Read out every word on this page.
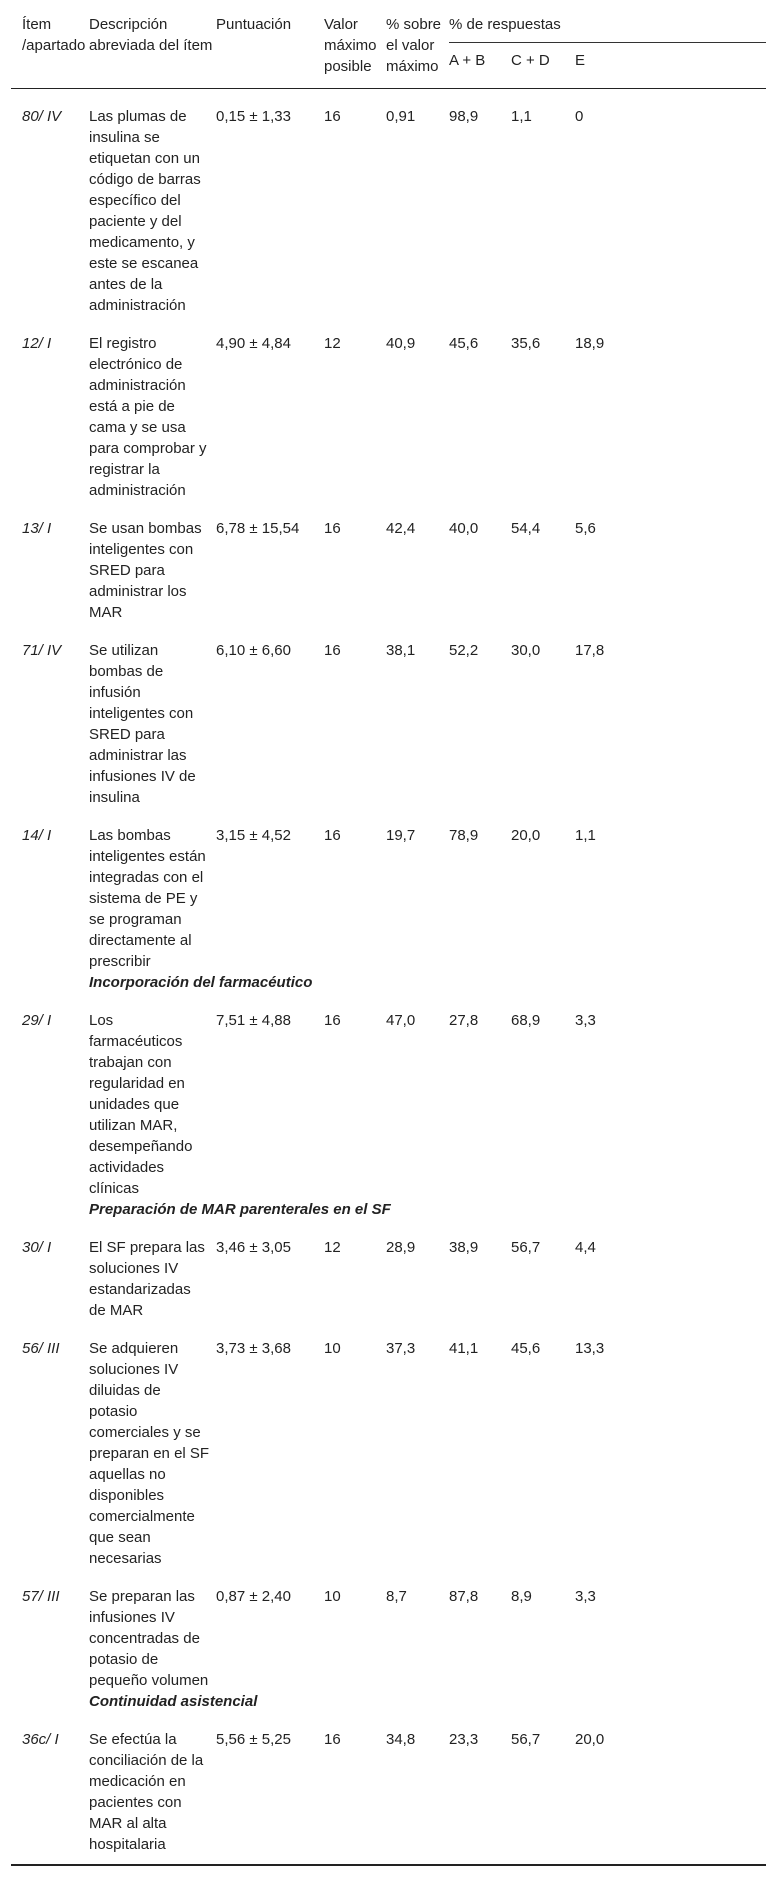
Ítem /apartado	Descripción abreviada del ítem	Puntuación	Valor máximo posible	% sobre el valor máximo	% de respuestas		
					A + B	C + D	E
80/ IV	Las plumas de insulina se etiquetan con un código de barras específico del paciente y del medicamento, y este se escanea antes de la administración	0,15 ± 1,33	16	0,91	98,9	1,1	0
12/ I	El registro electrónico de administración está a pie de cama y se usa para comprobar y registrar la administración	4,90 ± 4,84	12	40,9	45,6	35,6	18,9
13/ I	Se usan bombas inteligentes con SRED para administrar los MAR	6,78 ± 15,54	16	42,4	40,0	54,4	5,6
71/ IV	Se utilizan bombas de infusión inteligentes con SRED para administrar las infusiones IV de insulina	6,10 ± 6,60	16	38,1	52,2	30,0	17,8
14/ I	Las bombas inteligentes están integradas con el sistema de PE y se programan directamente al prescribir	3,15 ± 4,52	16	19,7	78,9	20,0	1,1
	Incorporación del farmacéutico						
29/ I	Los farmacéuticos trabajan con regularidad en unidades que utilizan MAR, desempeñando actividades clínicas	7,51 ± 4,88	16	47,0	27,8	68,9	3,3
	Preparación de MAR parenterales en el SF						
30/ I	El SF prepara las soluciones IV estandarizadas de MAR	3,46 ± 3,05	12	28,9	38,9	56,7	4,4
56/ III	Se adquieren soluciones IV diluidas de potasio comerciales y se preparan en el SF aquellas no disponibles comercialmente que sean necesarias	3,73 ± 3,68	10	37,3	41,1	45,6	13,3
57/ III	Se preparan las infusiones IV concentradas de potasio de pequeño volumen	0,87 ± 2,40	10	8,7	87,8	8,9	3,3
	Continuidad asistencial						
36c/ I	Se efectúa la conciliación de la medicación en pacientes con MAR al alta hospitalaria	5,56 ± 5,25	16	34,8	23,3	56,7	20,0
